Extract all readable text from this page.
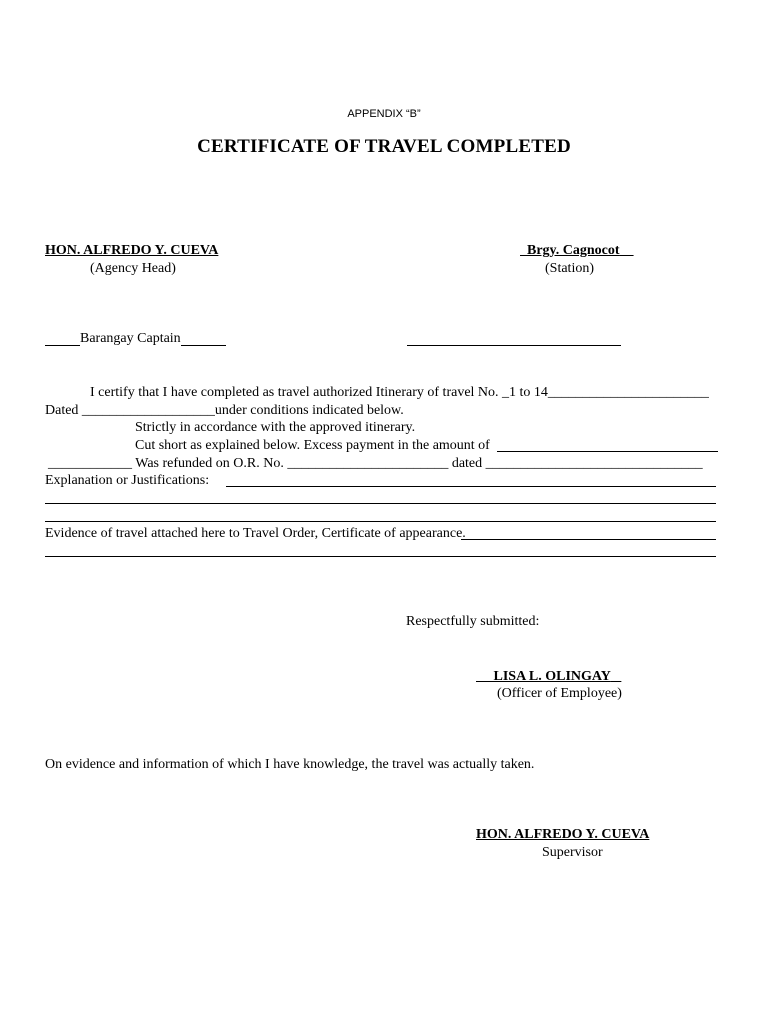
APPENDIX “B”
CERTIFICATE OF TRAVEL COMPLETED
HON. ALFREDO Y. CUEVA
(Agency Head)
Brgy. Cagnocot
(Station)
Barangay Captain
I certify that I have completed as travel authorized Itinerary of travel No. _1 to 14_______________________
Dated ___________________under conditions indicated below.
Strictly in accordance with the approved itinerary.
Cut short as explained below. Excess payment in the amount of
____________ Was refunded on O.R. No. _______________________ dated _______________________________
Explanation or Justifications:
Evidence of travel attached here to Travel Order, Certificate of appearance.
Respectfully submitted:
LISA L. OLINGAY
(Officer of Employee)
On evidence and information of which I have knowledge, the travel was actually taken.
HON. ALFREDO Y. CUEVA
Supervisor
